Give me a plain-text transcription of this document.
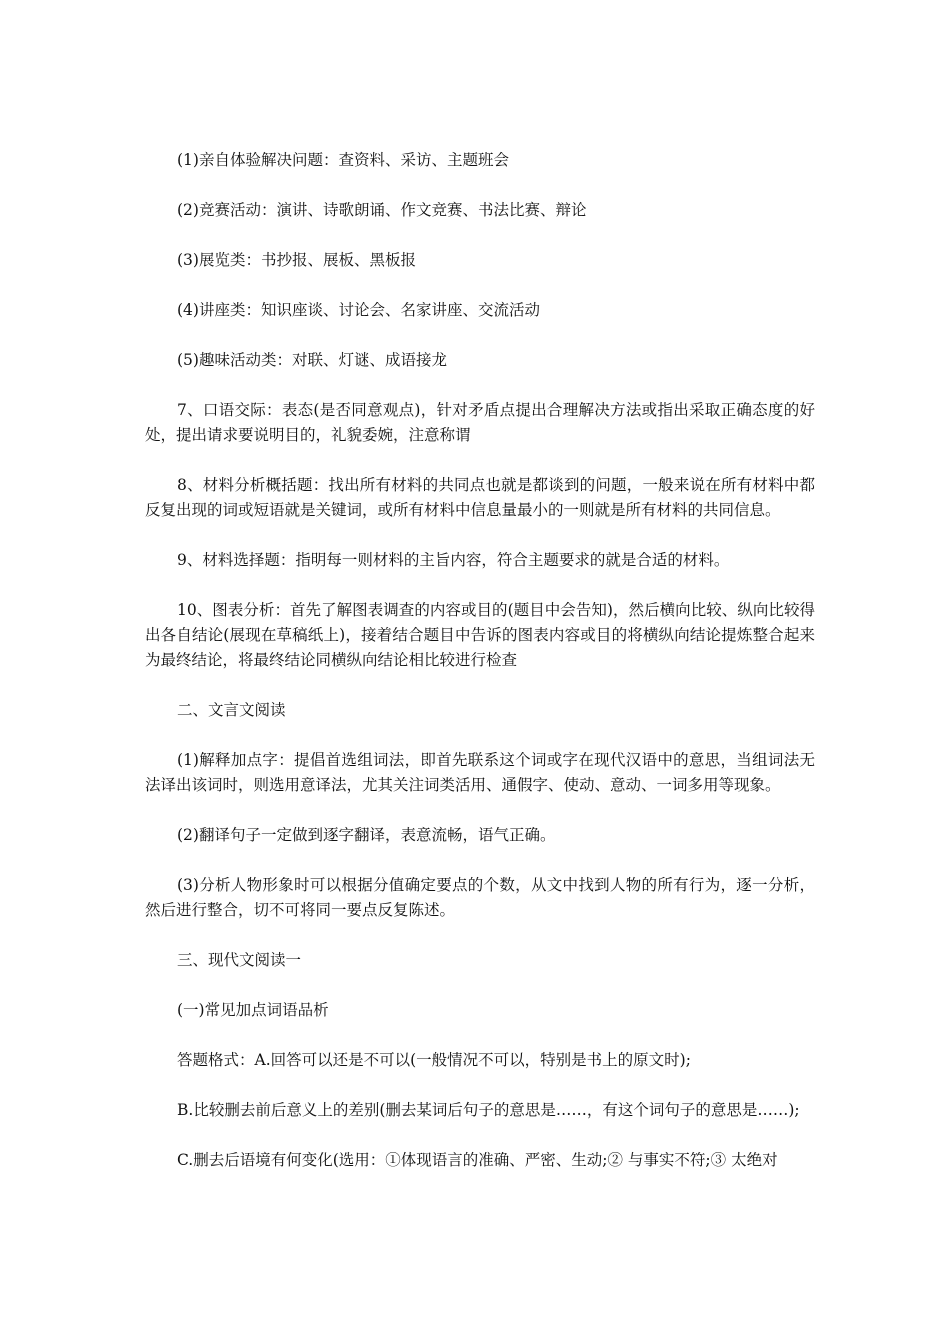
(1)亲自体验解决问题：查资料、采访、主题班会

(2)竞赛活动：演讲、诗歌朗诵、作文竞赛、书法比赛、辩论

(3)展览类：书抄报、展板、黑板报

(4)讲座类：知识座谈、讨论会、名家讲座、交流活动

(5)趣味活动类：对联、灯谜、成语接龙

7、口语交际：表态(是否同意观点)，针对矛盾点提出合理解决方法或指出采取正确态度的好处，提出请求要说明目的，礼貌委婉，注意称谓

8、材料分析概括题：找出所有材料的共同点也就是都谈到的问题，一般来说在所有材料中都反复出现的词或短语就是关键词，或所有材料中信息量最小的一则就是所有材料的共同信息。

9、材料选择题：指明每一则材料的主旨内容，符合主题要求的就是合适的材料。

10、图表分析：首先了解图表调查的内容或目的(题目中会告知)，然后横向比较、纵向比较得出各自结论(展现在草稿纸上)，接着结合题目中告诉的图表内容或目的将横纵向结论提炼整合起来为最终结论，将最终结论同横纵向结论相比较进行检查

二、文言文阅读

(1)解释加点字：提倡首选组词法，即首先联系这个词或字在现代汉语中的意思，当组词法无法译出该词时，则选用意译法，尤其关注词类活用、通假字、使动、意动、一词多用等现象。

(2)翻译句子一定做到逐字翻译，表意流畅，语气正确。

(3)分析人物形象时可以根据分值确定要点的个数，从文中找到人物的所有行为，逐一分析，然后进行整合，切不可将同一要点反复陈述。

三、现代文阅读一

(一)常见加点词语品析

答题格式：A.回答可以还是不可以(一般情况不可以，特别是书上的原文时);

B.比较删去前后意义上的差别(删去某词后句子的意思是……，有这个词句子的意思是……);

C.删去后语境有何变化(选用：①体现语言的准确、严密、生动;② 与事实不符;③ 太绝对
